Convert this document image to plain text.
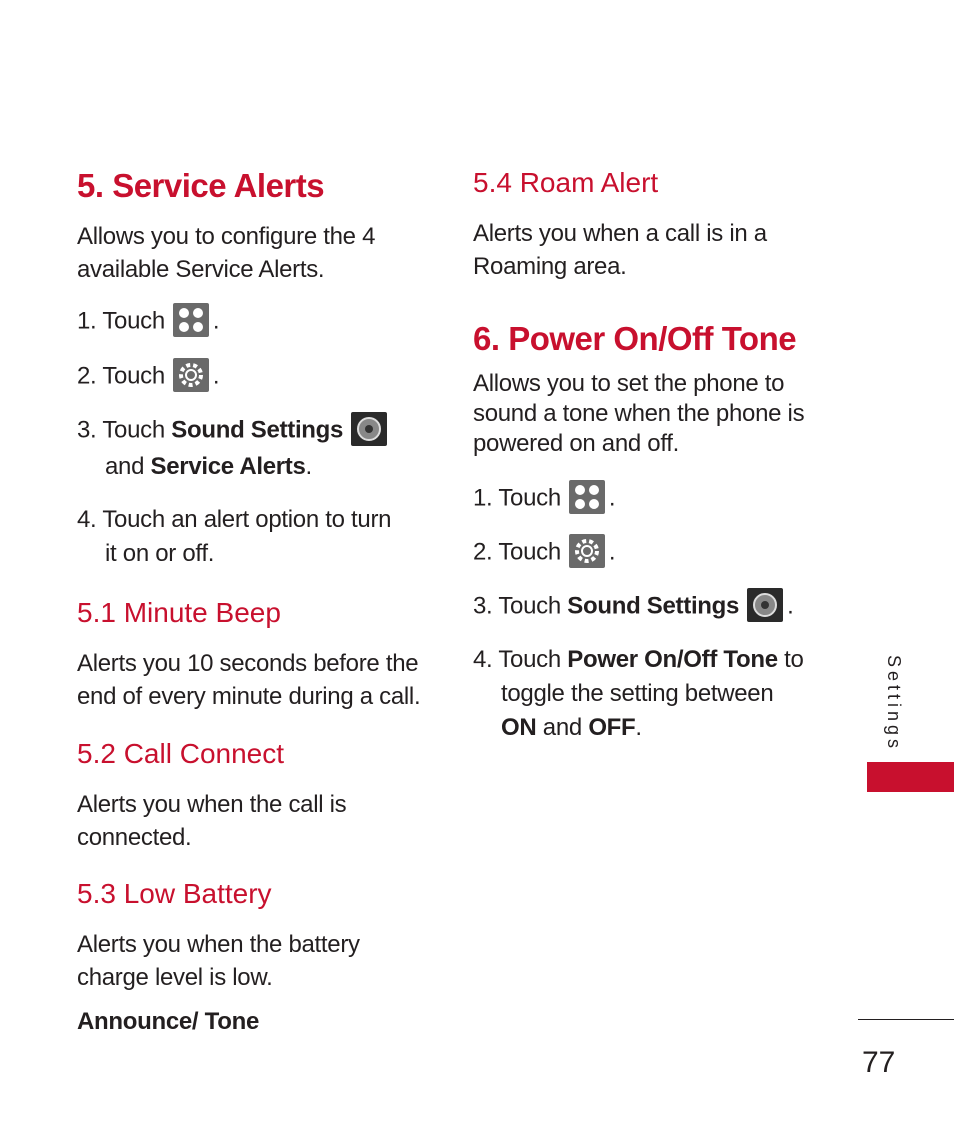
5. Service Alerts
Allows you to configure the 4 available Service Alerts.
1. Touch .
2. Touch .
3. Touch Sound Settings
and Service Alerts.
4. Touch an alert option to turn
it on or off.
5.1 Minute Beep
Alerts you 10 seconds before the end of every minute during a call.
5.2 Call Connect
Alerts you when the call is connected.
5.3 Low Battery
Alerts you when the battery charge level is low.
Announce/ Tone
5.4 Roam Alert
Alerts you when a call is in a Roaming area.
6. Power On/Off Tone
Allows you to set the phone to sound a tone when the phone is powered on and off.
1. Touch .
2. Touch .
3. Touch Sound Settings .
4. Touch Power On/Off Tone to
toggle the setting between
ON and OFF.	Settings
77
